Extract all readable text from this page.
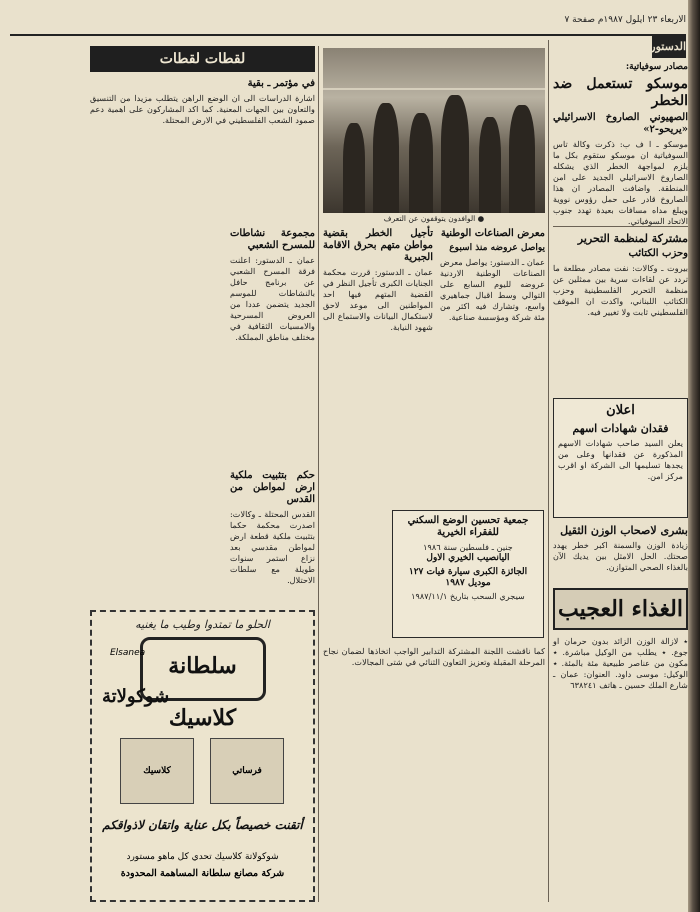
الاربعاء ٢٣ ايلول ١٩٨٧م صفحة ٧
الدستور

مصادر سوفياتية:

موسكو تستعمل ضد الخطر

الصهيوني الصاروخ الاسرائيلي «يريحو-٢»

موسكو ـ ا ف ب: ذكرت وكالة تاس السوفياتية ان موسكو ستقوم بكل ما يلزم لمواجهة الخطر الذي يشكله الصاروخ الاسرائيلي الجديد على امن المنطقة. واضافت المصادر ان هذا الصاروخ قادر على حمل رؤوس نووية ويبلغ مداه مسافات بعيدة تهدد جنوب الاتحاد السوفياتي.

مشتركة لمنظمة التحرير

وحزب الكتائب

بيروت ـ وكالات: نفت مصادر مطلعة ما تردد عن لقاءات سرية بين ممثلين عن منظمة التحرير الفلسطينية وحزب الكتائب اللبناني، واكدت ان الموقف الفلسطيني ثابت ولا تغيير فيه.

اعلان
فقدان شهادات اسهم
يعلن السيد صاحب شهادات الاسهم المذكورة عن فقدانها وعلى من يجدها تسليمها الى الشركة او اقرب مركز امن.

بشرى لاصحاب الوزن الثقيل

زيادة الوزن والسمنة اكبر خطر يهدد صحتك. الحل الامثل بين يديك الآن بالغذاء الصحي المتوازن.

الغذاء العجيب

٭ لازالة الوزن الزائد بدون حرمان او جوع. ٭ يطلب من الوكيل مباشرة. ٭ مكون من عناصر طبيعية مئة بالمئة. ٭ الوكيل: موسى داود. العنوان: عمان ـ شارع الملك حسين ـ هاتف ٦٣٨٢٤١

● الوافدون يتوقفون عن التعرف

معرض الصناعات الوطنية

يواصل عروضه منذ اسبوع

عمان ـ الدستور: يواصل معرض الصناعات الوطنية الاردنية عروضه لليوم السابع على التوالي وسط اقبال جماهيري واسع، وتشارك فيه اكثر من مئة شركة ومؤسسة صناعية.

تأجيل الخطر بقضية مواطن متهم بحرق الاقامة الجبرية

عمان ـ الدستور: قررت محكمة الجنايات الكبرى تأجيل النظر في القضية المتهم فيها احد المواطنين الى موعد لاحق لاستكمال البيانات والاستماع الى شهود النيابة.

جمعية تحسين الوضع السكني للفقراء الخيرية
جنين ـ فلسطين سنة ١٩٨٦
اليانصيب الخيري الاول
الجائزة الكبرى سيارة فيات ١٢٧ موديل ١٩٨٧
سيجري السحب بتاريخ ١٩٨٧/١١/١

مجموعة نشاطات للمسرح الشعبي

عمان ـ الدستور: اعلنت فرقة المسرح الشعبي عن برنامج حافل بالنشاطات للموسم الجديد يتضمن عددا من العروض المسرحية والامسيات الثقافية في مختلف مناطق المملكة.

حكم بتثبيت ملكية ارض لمواطن من القدس

القدس المحتلة ـ وكالات: اصدرت محكمة حكما بتثبيت ملكية قطعة ارض لمواطن مقدسي بعد نزاع استمر سنوات طويلة مع سلطات الاحتلال.

لقطات لقطات

في مؤتمر ـ بقية

اشارة الدراسات الى ان الوضع الراهن يتطلب مزيدا من التنسيق والتعاون بين الجهات المعنية. كما اكد المشاركون على اهمية دعم صمود الشعب الفلسطيني في الارض المحتلة.

الحلو ما تمتدوا وطيب ما يغنيه
Elsanea	سلطانة كلاسيك
شوكولاتة
فرساتي
كلاسيك
أتقنت خصيصاً بكل عناية واتقان لاذواقكم
شوكولاتة كلاسيك تحدي كل ماهو مستورد
شركة مصانع سلطانة المساهمة المحدودة

كما ناقشت اللجنة المشتركة التدابير الواجب اتخاذها لضمان نجاح المرحلة المقبلة وتعزيز التعاون الثنائي في شتى المجالات.
